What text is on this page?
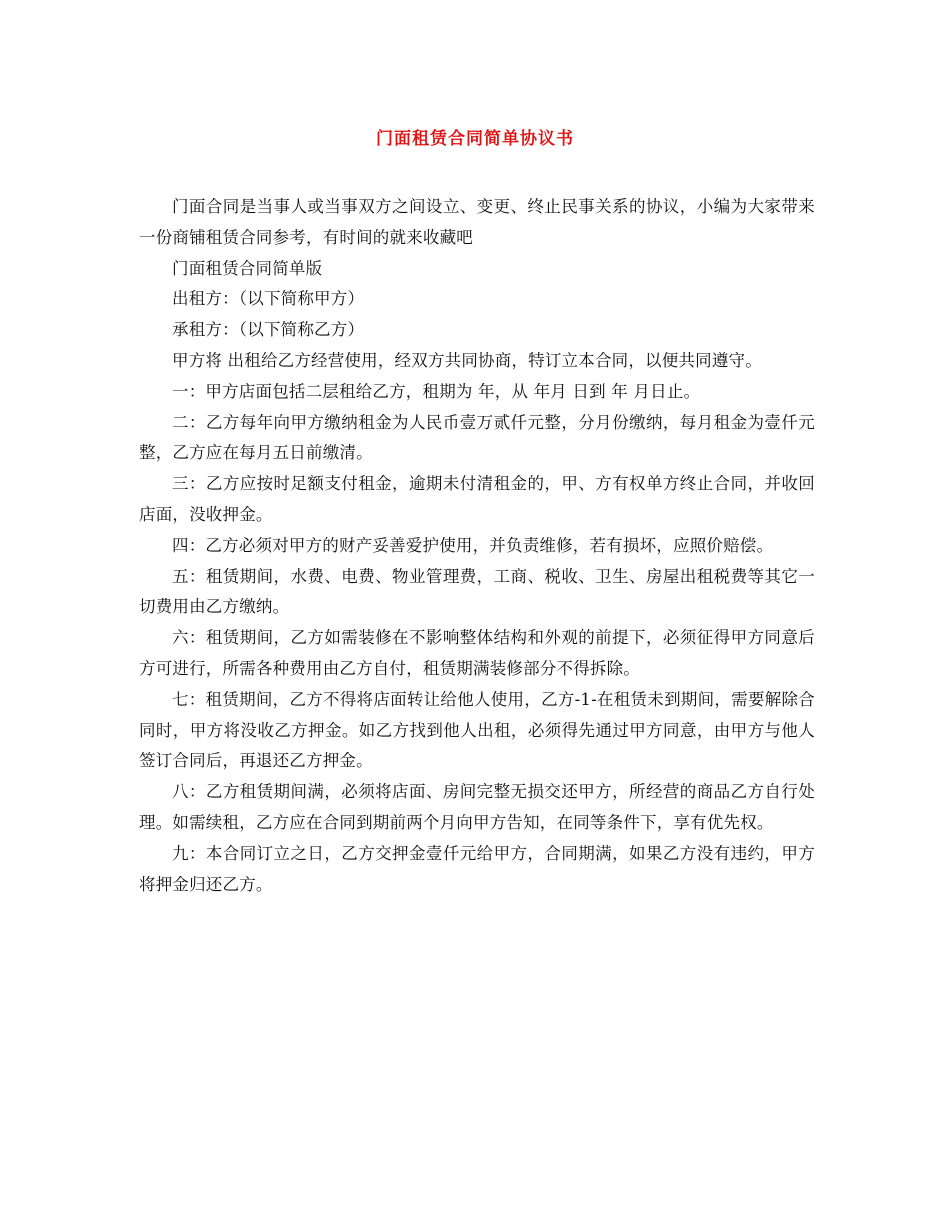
门面租赁合同简单协议书

门面合同是当事人或当事双方之间设立、变更、终止民事关系的协议，小编为大家带来一份商铺租赁合同参考，有时间的就来收藏吧

门面租赁合同简单版

出租方：（以下简称甲方）

承租方：（以下简称乙方）

甲方将 出租给乙方经营使用，经双方共同协商，特订立本合同，以便共同遵守。

一：甲方店面包括二层租给乙方，租期为 年，从 年月 日到 年 月日止。

二：乙方每年向甲方缴纳租金为人民币壹万贰仟元整，分月份缴纳，每月租金为壹仟元整，乙方应在每月五日前缴清。

三：乙方应按时足额支付租金，逾期未付清租金的，甲、方有权单方终止合同，并收回店面，没收押金。

四：乙方必须对甲方的财产妥善爱护使用，并负责维修，若有损坏，应照价赔偿。

五：租赁期间，水费、电费、物业管理费，工商、税收、卫生、房屋出租税费等其它一切费用由乙方缴纳。

六：租赁期间，乙方如需装修在不影响整体结构和外观的前提下，必须征得甲方同意后方可进行，所需各种费用由乙方自付，租赁期满装修部分不得拆除。

七：租赁期间，乙方不得将店面转让给他人使用，乙方-1-在租赁未到期间，需要解除合同时，甲方将没收乙方押金。如乙方找到他人出租，必须得先通过甲方同意，由甲方与他人签订合同后，再退还乙方押金。

八：乙方租赁期间满，必须将店面、房间完整无损交还甲方，所经营的商品乙方自行处理。如需续租，乙方应在合同到期前两个月向甲方告知，在同等条件下，享有优先权。

九：本合同订立之日，乙方交押金壹仟元给甲方，合同期满，如果乙方没有违约，甲方将押金归还乙方。
